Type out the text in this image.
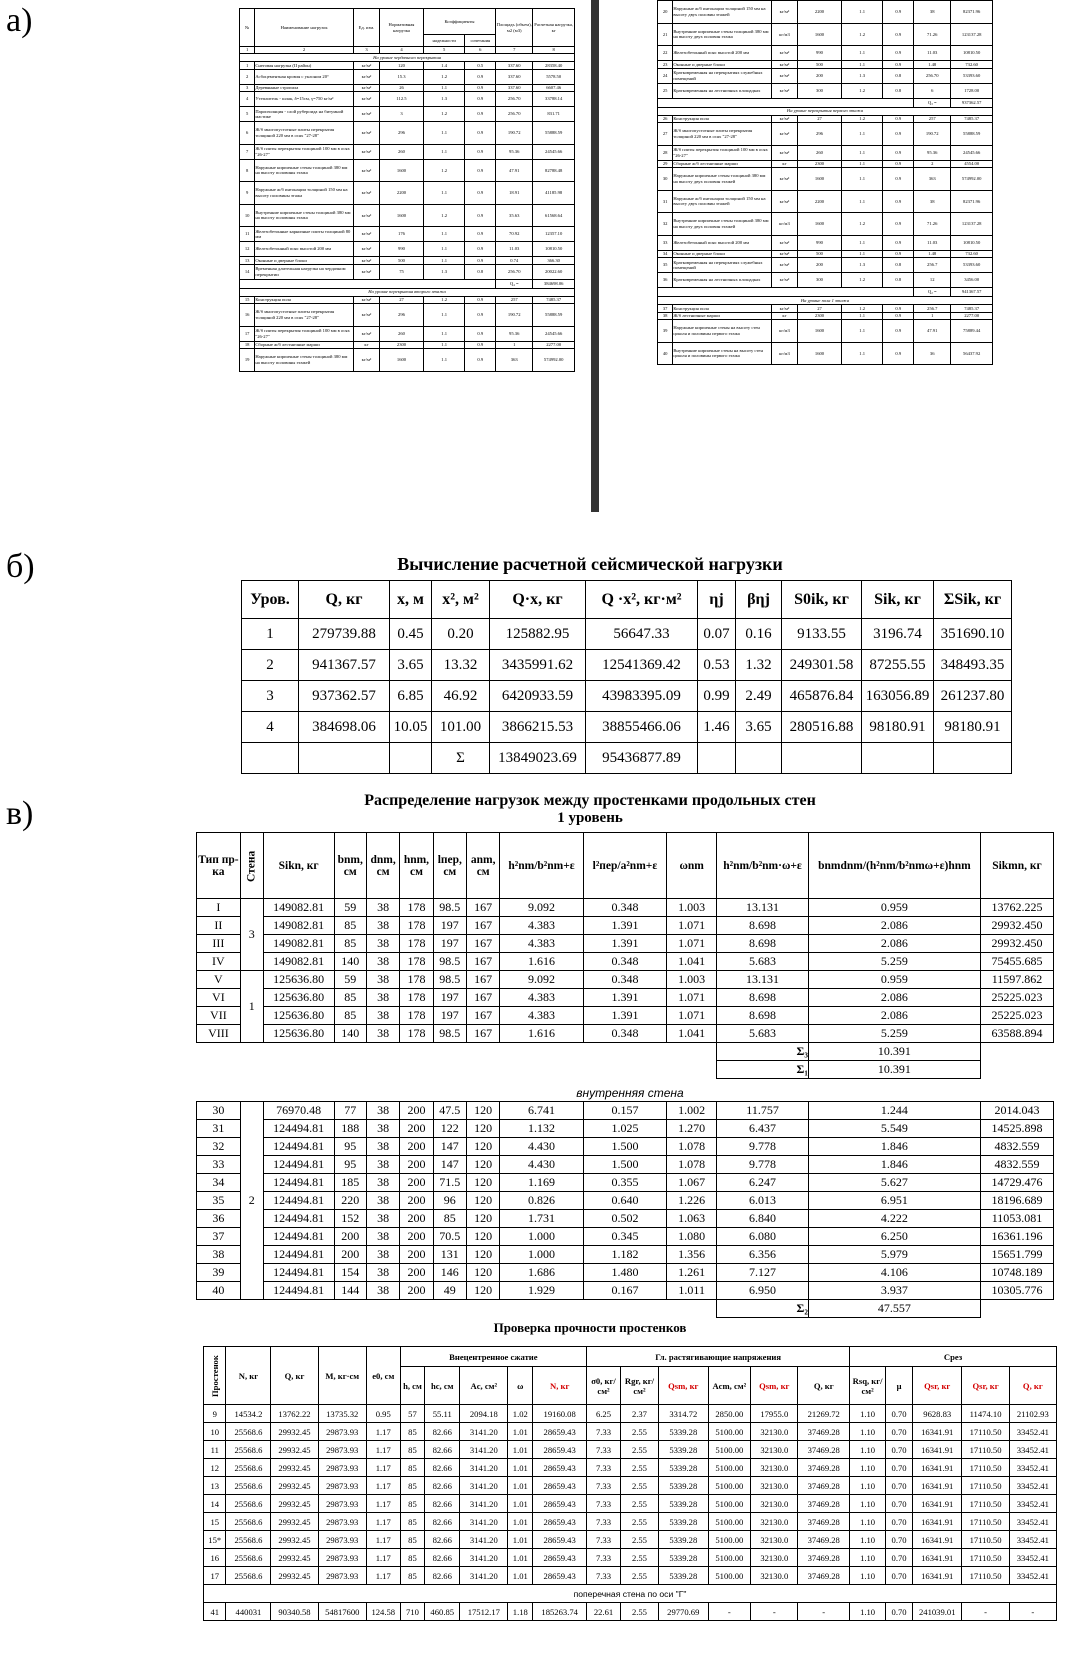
а)
б)
в)
№	Наименование нагрузок	Ед. изм.	Нормативная нагрузка	Коэффициенты		Площадь (объем), м2 (м3)	Расчетная нагрузка, кг
				надежности	сочетания		
1	2	3	4	5	6	7	8
На уровне чердачного перекрытия							
1	Снеговая нагрузка (II район)	кг/м²	120	1.4	0.5	337.60	28358.40
2	Асбоцементная кровля с уклоном 20°	кг/м²	15.3	1.2	0.9	337.60	5578.50
3	Деревянные стропила	кг/м²	26	1.1	0.9	337.60	6607.46
4	Утеплитель - шлак, δ=15см, γ=750 кг/м³	кг/м²	112.5	1.3	0.9	256.70	33788.14
5	Пароизоляция - слой рубероида на битумной мастике	кг/м²	3	1.2	0.9	256.70	831.71
6	Ж/б многопустотные плиты перекрытия толщиной 220 мм в осях "27-28"	кг/м²	296	1.1	0.9	190.72	55888.59
7	Ж/б плиты перекрытия толщиной 100 мм в осях "26-27"	кг/м²	260	1.1	0.9	95.36	24545.66
8	Наружные кирпичные стены толщиной 380 мм на высоту половины этажа	кг/м³	1600	1.2	0.9	47.91	82788.48
9	Наружные ж/б интонации толщиной 150 мм на высоту половины этажа	кг/м³	2200	1.1	0.9	18.91	41185.98
10	Внутренние кирпичные стены толщиной 380 мм на высоту половины этажа	кг/м³	1600	1.2	0.9	35.63	61568.64
11	Железобетонные карнизные плиты толщиной 80 мм	кг/м²	176	1.1	0.9	70.92	12357.10
12	Железобетонный пояс высотой 200 мм	кг/м²	990	1.1	0.9	11.03	10810.50
13	Оконные и дверные блоки	кг/м²	500	1.1	0.9	0.74	366.30
14	Временная длительная нагрузка на чердачном перекрытии	кг/м²	75	1.3	0.8	256.70	20022.60
						Q₄ =	384698.06
На уровне перекрытия второго этажа							
15	Конструкция пола	кг/м²	27	1.2	0.9	257	7485.37
16	Ж/б многопустотные плиты перекрытия толщиной 220 мм в осях "27-28"	кг/м²	296	1.1	0.9	190.72	55888.59
17	Ж/б плиты перекрытия толщиной 100 мм в осях "26-27"	кг/м²	260	1.1	0.9	95.36	24545.66
18	Сборные ж/б лестничные марши	кг	2300	1.1	0.9	1	2277.00
19	Наружные кирпичные стены толщиной 380 мм на высоту половины этажей	кг/м³	1600	1.1	0.9	363	574992.00
20	Наружные ж/б интонации толщиной 150 мм на высоту двух половин этажей	кг/м³	2200	1.1	0.9	38	82371.96
21	Внутренние кирпичные стены толщиной 380 мм на высоту двух половин этажа	кг/м3	1600	1.2	0.9	71.26	123137.28
22	Железобетонный пояс высотой 200 мм	кг/м²	990	1.1	0.9	11.03	10810.50
23	Оконные и дверные блоки	кг/м²	500	1.1	0.9	1.48	732.60
24	Кратковременная на перекрытиях служебных помещений	кг/м²	200	1.3	0.8	256.70	53393.60
25	Кратковременная на лестничных площадках	кг/м²	300	1.2	0.8	6	1728.00
						Q₃ =	937362.57
На уровне перекрытия первого этажа							
26	Конструкция пола	кг/м²	27	1.2	0.9	257	7485.37
27	Ж/б многопустотные плиты перекрытия толщиной 220 мм в осях "27-28"	кг/м²	296	1.1	0.9	190.72	55888.59
28	Ж/б плиты перекрытия толщиной 100 мм в осях "26-27"	кг/м²	260	1.1	0.9	95.36	24545.66
29	Сборные ж/б лестничные марши	кг	2300	1.1	0.9	2	4554.00
30	Наружные кирпичные стены толщиной 380 мм на высоту двух половин этажей	кг/м³	1600	1.1	0.9	363	574992.00
31	Наружные ж/б интонации толщиной 150 мм на высоту двух половин этажей	кг/м³	2200	1.1	0.9	38	82371.96
32	Внутренние кирпичные стены толщиной 380 мм на высоту двух половин этажей	кг/м3	1600	1.2	0.9	71.26	123137.28
33	Железобетонный пояс высотой 200 мм	кг/м²	990	1.1	0.9	11.03	10810.50
34	Оконные и дверные блоки	кг/м²	500	1.1	0.9	1.48	732.60
35	Кратковременная на перекрытиях служебных помещений	кг/м²	200	1.3	0.8	256.7	53393.60
36	Кратковременная на лестничных площадках	кг/м²	300	1.2	0.8	12	3456.00
						Q₂ =	941367.57
На уровне пола 1 этажа							
37	Конструкция пола	кг/м²	27	1.2	0.9	256.7	7485.37
38	Ж/б лестничные марши	кг	2300	1.1	0.9	1	2277.00
39	Наружные кирпичные стены на высоту стен цоколя и половины первого этажа	кг/м3	1600	1.1	0.9	47.91	75889.44
40	Внутренние кирпичные стены на высоту стен цоколя и половины первого этажа	кг/м3	1600	1.1	0.9	36	56437.92
Вычисление расчетной сейсмической нагрузки
Уров.	Q, кг	x, м	x², м²	Q·x, кг	Q ·x², кг·м²	ηj	βηj	S0ik, кг	Sik, кг	ΣSik, кг
1	279739.88	0.45	0.20	125882.95	56647.33	0.07	0.16	9133.55	3196.74	351690.10
2	941367.57	3.65	13.32	3435991.62	12541369.42	0.53	1.32	249301.58	87255.55	348493.35
3	937362.57	6.85	46.92	6420933.59	43983395.09	0.99	2.49	465876.84	163056.89	261237.80
4	384698.06	10.05	101.00	3866215.53	38855466.06	1.46	3.65	280516.88	98180.91	98180.91
			Σ	13849023.69	95436877.89					
Распределение нагрузок между простенками продольных стен
1 уровень
Тип пр-ка	Стена	Sikn, кг	bnm, см	dnm, см	hnm, см	lпер, см	anm, см	h²nm/b²nm+ε	l²пер/a²nm+ε	ωnm	h²nm/b²nm·ω+ε	bnmdnm/(h²nm/b²nmω+ε)hnm	Sikmn, кг
I	3	149082.81	59	38	178	98.5	167	9.092	0.348	1.003	13.131	0.959	13762.225
II		149082.81	85	38	178	197	167	4.383	1.391	1.071	8.698	2.086	29932.450
III		149082.81	85	38	178	197	167	4.383	1.391	1.071	8.698	2.086	29932.450
IV		149082.81	140	38	178	98.5	167	1.616	0.348	1.041	5.683	5.259	75455.685
V	1	125636.80	59	38	178	98.5	167	9.092	0.348	1.003	13.131	0.959	11597.862
VI		125636.80	85	38	178	197	167	4.383	1.391	1.071	8.698	2.086	25225.023
VII		125636.80	85	38	178	197	167	4.383	1.391	1.071	8.698	2.086	25225.023
VIII		125636.80	140	38	178	98.5	167	1.616	0.348	1.041	5.683	5.259	63588.894
											Σ₃	10.391	
											Σ₁	10.391	
внутренняя стена
30	2	76970.48	77	38	200	47.5	120	6.741	0.157	1.002	11.757	1.244	2014.043
31		124494.81	188	38	200	122	120	1.132	1.025	1.270	6.437	5.549	14525.898
32		124494.81	95	38	200	147	120	4.430	1.500	1.078	9.778	1.846	4832.559
33		124494.81	95	38	200	147	120	4.430	1.500	1.078	9.778	1.846	4832.559
34		124494.81	185	38	200	71.5	120	1.169	0.355	1.067	6.247	5.627	14729.476
35		124494.81	220	38	200	96	120	0.826	0.640	1.226	6.013	6.951	18196.689
36		124494.81	152	38	200	85	120	1.731	0.502	1.063	6.840	4.222	11053.081
37		124494.81	200	38	200	70.5	120	1.000	0.345	1.080	6.080	6.250	16361.196
38		124494.81	200	38	200	131	120	1.000	1.182	1.356	6.356	5.979	15651.799
39		124494.81	154	38	200	146	120	1.686	1.480	1.261	7.127	4.106	10748.189
40		124494.81	144	38	200	49	120	1.929	0.167	1.011	6.950	3.937	10305.776
											Σ₂	47.557	
Проверка прочности простенков
Простенок	N, кг	Q, кг	M, кг·см	e0, см	Внецентренное сжатие					Гл. растягивающие напряжения						Срез				
					h, см	hc, см	Ac, см²	ω	N, кг	σ0, кг/см²	Rgr, кг/см²	Qsm, кг	Acm, см²	Qsm, кг	Q, кг	Rsq, кг/см²	μ	Qsr, кг	Qsr, кг	Q, кг
9	14534.2	13762.22	13735.32	0.95	57	55.11	2094.18	1.02	19160.08	6.25	2.37	3314.72	2850.00	17955.0	21269.72	1.10	0.70	9628.83	11474.10	21102.93
10	25568.6	29932.45	29873.93	1.17	85	82.66	3141.20	1.01	28659.43	7.33	2.55	5339.28	5100.00	32130.0	37469.28	1.10	0.70	16341.91	17110.50	33452.41
11	25568.6	29932.45	29873.93	1.17	85	82.66	3141.20	1.01	28659.43	7.33	2.55	5339.28	5100.00	32130.0	37469.28	1.10	0.70	16341.91	17110.50	33452.41
12	25568.6	29932.45	29873.93	1.17	85	82.66	3141.20	1.01	28659.43	7.33	2.55	5339.28	5100.00	32130.0	37469.28	1.10	0.70	16341.91	17110.50	33452.41
13	25568.6	29932.45	29873.93	1.17	85	82.66	3141.20	1.01	28659.43	7.33	2.55	5339.28	5100.00	32130.0	37469.28	1.10	0.70	16341.91	17110.50	33452.41
14	25568.6	29932.45	29873.93	1.17	85	82.66	3141.20	1.01	28659.43	7.33	2.55	5339.28	5100.00	32130.0	37469.28	1.10	0.70	16341.91	17110.50	33452.41
15	25568.6	29932.45	29873.93	1.17	85	82.66	3141.20	1.01	28659.43	7.33	2.55	5339.28	5100.00	32130.0	37469.28	1.10	0.70	16341.91	17110.50	33452.41
15*	25568.6	29932.45	29873.93	1.17	85	82.66	3141.20	1.01	28659.43	7.33	2.55	5339.28	5100.00	32130.0	37469.28	1.10	0.70	16341.91	17110.50	33452.41
16	25568.6	29932.45	29873.93	1.17	85	82.66	3141.20	1.01	28659.43	7.33	2.55	5339.28	5100.00	32130.0	37469.28	1.10	0.70	16341.91	17110.50	33452.41
17	25568.6	29932.45	29873.93	1.17	85	82.66	3141.20	1.01	28659.43	7.33	2.55	5339.28	5100.00	32130.0	37469.28	1.10	0.70	16341.91	17110.50	33452.41
поперечная стена по оси "Г"																				
41	440031	90340.58	54817600	124.58	710	460.85	17512.17	1.18	185263.74	22.61	2.55	29770.69	-	-	-	1.10	0.70	241039.01	-	-
